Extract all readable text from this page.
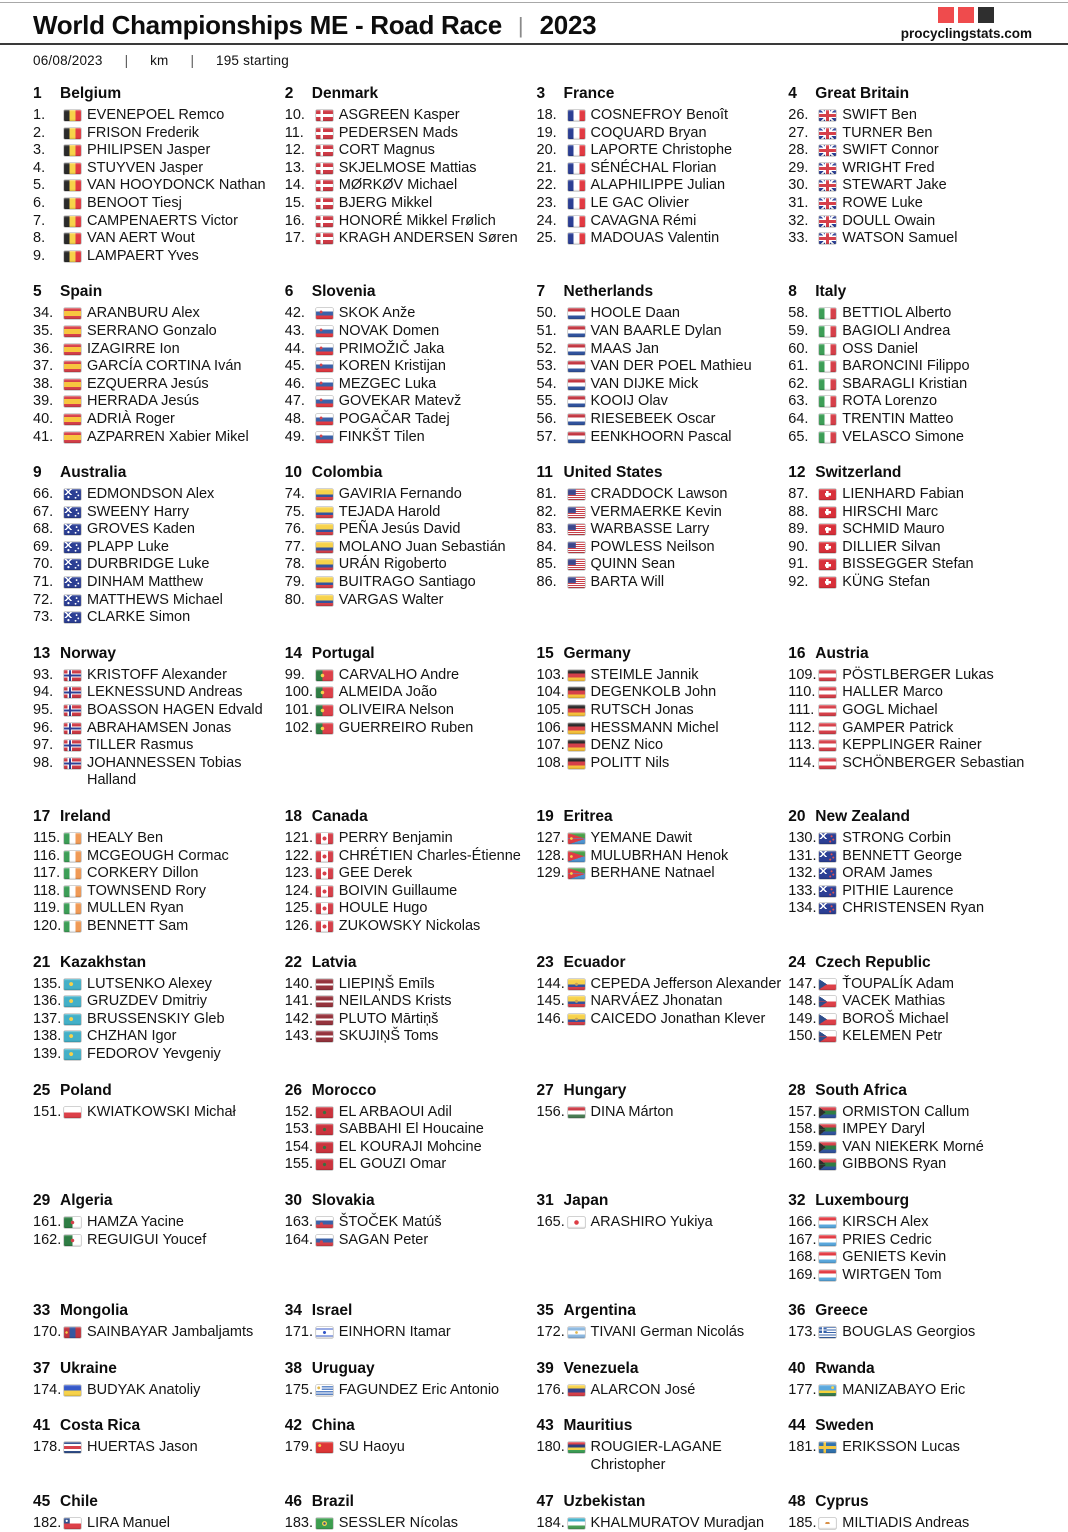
World Championships ME - Road Race | 2023	procyclingstats.com
06/08/2023	|	km	|	195 starting
1	Belgium
1.	EVENEPOEL Remco
2.	FRISON Frederik
3.	PHILIPSEN Jasper
4.	STUYVEN Jasper
5.	VAN HOOYDONCK Nathan
6.	BENOOT Tiesj
7.	CAMPENAERTS Victor
8.	VAN AERT Wout
9.	LAMPAERT Yves
2	Denmark
10.	ASGREEN Kasper
11.	PEDERSEN Mads
12.	CORT Magnus
13.	SKJELMOSE Mattias
14.	MØRKØV Michael
15.	BJERG Mikkel
16.	HONORÉ Mikkel Frølich
17.	KRAGH ANDERSEN Søren
3	France
18.	COSNEFROY Benoît
19.	COQUARD Bryan
20.	LAPORTE Christophe
21.	SÉNÉCHAL Florian
22.	ALAPHILIPPE Julian
23.	LE GAC Olivier
24.	CAVAGNA Rémi
25.	MADOUAS Valentin
4	Great Britain
26.	SWIFT Ben
27.	TURNER Ben
28.	SWIFT Connor
29.	WRIGHT Fred
30.	STEWART Jake
31.	ROWE Luke
32.	DOULL Owain
33.	WATSON Samuel
5	Spain
34.	ARANBURU Alex
35.	SERRANO Gonzalo
36.	IZAGIRRE Ion
37.	GARCÍA CORTINA Iván
38.	EZQUERRA Jesús
39.	HERRADA Jesús
40.	ADRIÀ Roger
41.	AZPARREN Xabier Mikel
6	Slovenia
42.	SKOK Anže
43.	NOVAK Domen
44.	PRIMOŽIČ Jaka
45.	KOREN Kristijan
46.	MEZGEC Luka
47.	GOVEKAR Matevž
48.	POGAČAR Tadej
49.	FINKŠT Tilen
7	Netherlands
50.	HOOLE Daan
51.	VAN BAARLE Dylan
52.	MAAS Jan
53.	VAN DER POEL Mathieu
54.	VAN DIJKE Mick
55.	KOOIJ Olav
56.	RIESEBEEK Oscar
57.	EENKHOORN Pascal
8	Italy
58.	BETTIOL Alberto
59.	BAGIOLI Andrea
60.	OSS Daniel
61.	BARONCINI Filippo
62.	SBARAGLI Kristian
63.	ROTA Lorenzo
64.	TRENTIN Matteo
65.	VELASCO Simone
9	Australia
66.	EDMONDSON Alex
67.	SWEENY Harry
68.	GROVES Kaden
69.	PLAPP Luke
70.	DURBRIDGE Luke
71.	DINHAM Matthew
72.	MATTHEWS Michael
73.	CLARKE Simon
10 Colombia
74.	GAVIRIA Fernando
75.	TEJADA Harold
76.	PEÑA Jesús David
77.	MOLANO Juan Sebastián
78.	URÁN Rigoberto
79.	BUITRAGO Santiago
80.	VARGAS Walter
11 United States
81.	CRADDOCK Lawson
82.	VERMAERKE Kevin
83.	WARBASSE Larry
84.	POWLESS Neilson
85.	QUINN Sean
86.	BARTA Will
12 Switzerland
87.	LIENHARD Fabian
88.	HIRSCHI Marc
89.	SCHMID Mauro
90.	DILLIER Silvan
91.	BISSEGGER Stefan
92.	KÜNG Stefan
13 Norway
93.	KRISTOFF Alexander
94.	LEKNESSUND Andreas
95.	BOASSON HAGEN Edvald
96.	ABRAHAMSEN Jonas
97.	TILLER Rasmus
98.	JOHANNESSEN Tobias Halland
14 Portugal
99.	CARVALHO Andre
100. ALMEIDA João
101. OLIVEIRA Nelson
102. GUERREIRO Ruben
15 Germany
103. STEIMLE Jannik
104. DEGENKOLB John
105. RUTSCH Jonas
106. HESSMANN Michel
107. DENZ Nico
108. POLITT Nils
16 Austria
109. PÖSTLBERGER Lukas
110. HALLER Marco
111.	GOGL Michael
112. GAMPER Patrick
113. KEPPLINGER Rainer
114. SCHÖNBERGER Sebastian
17 Ireland
115. HEALY Ben
116. MCGEOUGH Cormac
117. CORKERY Dillon
118. TOWNSEND Rory
119. MULLEN Ryan
120. BENNETT Sam
18 Canada
121. PERRY Benjamin
122. CHRÉTIEN Charles-Étienne
123. GEE Derek
124. BOIVIN Guillaume
125. HOULE Hugo
126. ZUKOWSKY Nickolas
19 Eritrea
127. YEMANE Dawit
128. MULUBRHAN Henok
129. BERHANE Natnael
20 New Zealand
130. STRONG Corbin
131. BENNETT George
132. ORAM James
133. PITHIE Laurence
134. CHRISTENSEN Ryan
21 Kazakhstan
135. LUTSENKO Alexey
136. GRUZDEV Dmitriy
137. BRUSSENSKIY Gleb
138. CHZHAN Igor
139. FEDOROV Yevgeniy
22 Latvia
140. LIEPIŅŠ Emīls
141. NEILANDS Krists
142. PLUTO Mārtiņš
143. SKUJIŅŠ Toms
23 Ecuador
144. CEPEDA Jefferson Alexander
145. NARVÁEZ Jhonatan
146. CAICEDO Jonathan Klever
24 Czech Republic
147. ŤOUPALÍK Adam
148. VACEK Mathias
149. BOROŠ Michael
150. KELEMEN Petr
25 Poland
151. KWIATKOWSKI Michał
26 Morocco
152. EL ARBAOUI Adil
153. SABBAHI El Houcaine
154. EL KOURAJI Mohcine
155. EL GOUZI Omar
27 Hungary
156. DINA Márton
28 South Africa
157. ORMISTON Callum
158. IMPEY Daryl
159. VAN NIEKERK Morné
160. GIBBONS Ryan
29 Algeria
161. HAMZA Yacine
162. REGUIGUI Youcef
30 Slovakia
163. ŠTOČEK Matúš
164. SAGAN Peter
31 Japan
165. ARASHIRO Yukiya
32 Luxembourg
166. KIRSCH Alex
167. PRIES Cedric
168. GENIETS Kevin
169. WIRTGEN Tom
33 Mongolia
170. SAINBAYAR Jambaljamts
34 Israel
171. EINHORN Itamar
35 Argentina
172. TIVANI German Nicolás
36 Greece
173. BOUGLAS Georgios
37 Ukraine
174. BUDYAK Anatoliy
38 Uruguay
175. FAGUNDEZ Eric Antonio
39 Venezuela
176. ALARCON José
40 Rwanda
177. MANIZABAYO Eric
41 Costa Rica
178. HUERTAS Jason
42 China
179. SU Haoyu
43 Mauritius
180. ROUGIER-LAGANE Christopher
44 Sweden
181. ERIKSSON Lucas
45 Chile
182. LIRA Manuel
46 Brazil
183. SESSLER Nícolas
47 Uzbekistan
184. KHALMURATOV Muradjan
48 Cyprus
185. MILTIADIS Andreas
